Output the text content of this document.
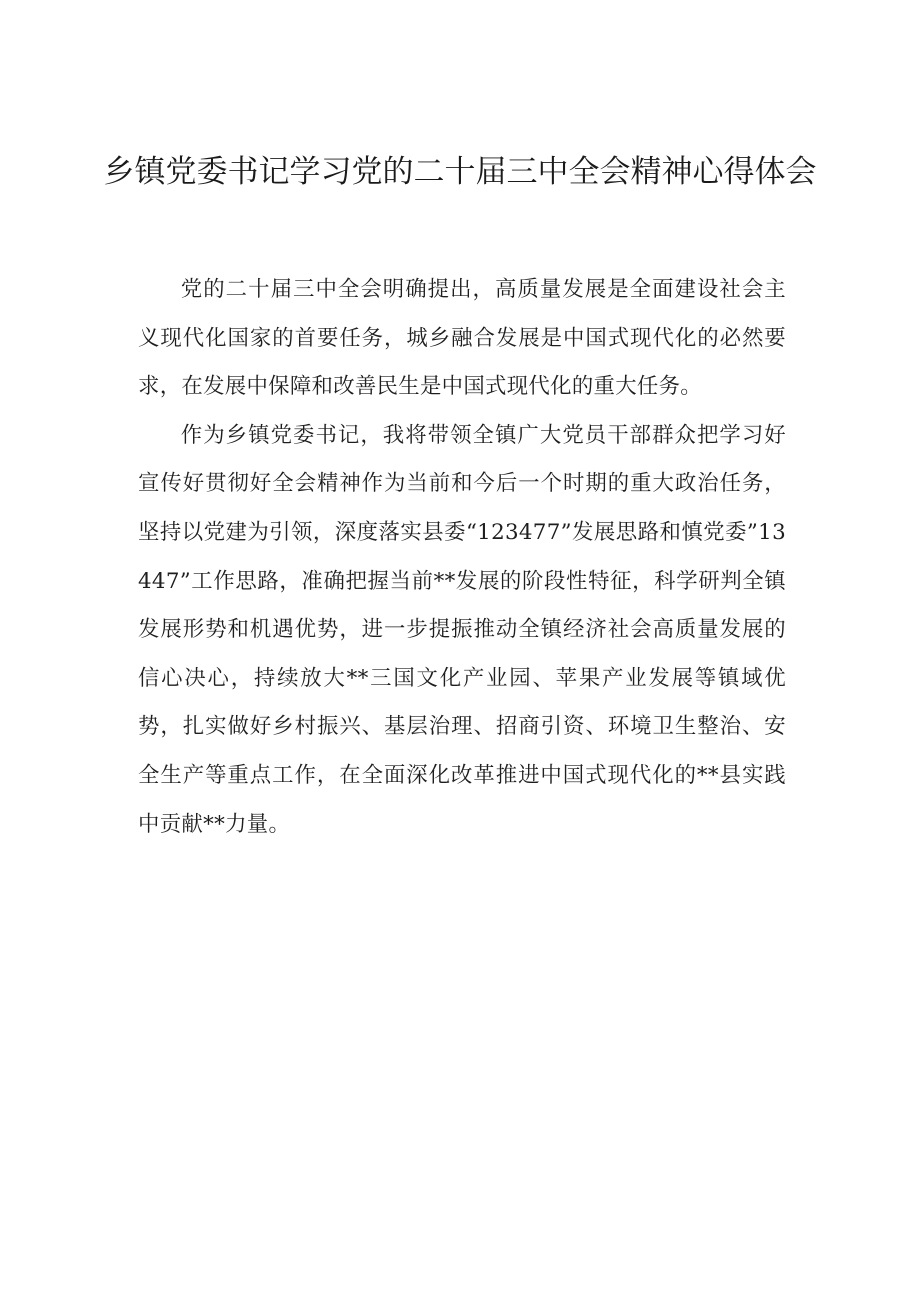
乡镇党委书记学习党的二十届三中全会精神心得体会

党的二十届三中全会明确提出，高质量发展是全面建设社会主义现代化国家的首要任务，城乡融合发展是中国式现代化的必然要求，在发展中保障和改善民生是中国式现代化的重大任务。

作为乡镇党委书记，我将带领全镇广大党员干部群众把学习好宣传好贯彻好全会精神作为当前和今后一个时期的重大政治任务，坚持以党建为引领，深度落实县委“123477”发展思路和慎党委”13447”工作思路，准确把握当前**发展的阶段性特征，科学研判全镇发展形势和机遇优势，进一步提振推动全镇经济社会高质量发展的信心决心，持续放大**三国文化产业园、苹果产业发展等镇域优势，扎实做好乡村振兴、基层治理、招商引资、环境卫生整治、安全生产等重点工作，在全面深化改革推进中国式现代化的**县实践中贡献**力量。
